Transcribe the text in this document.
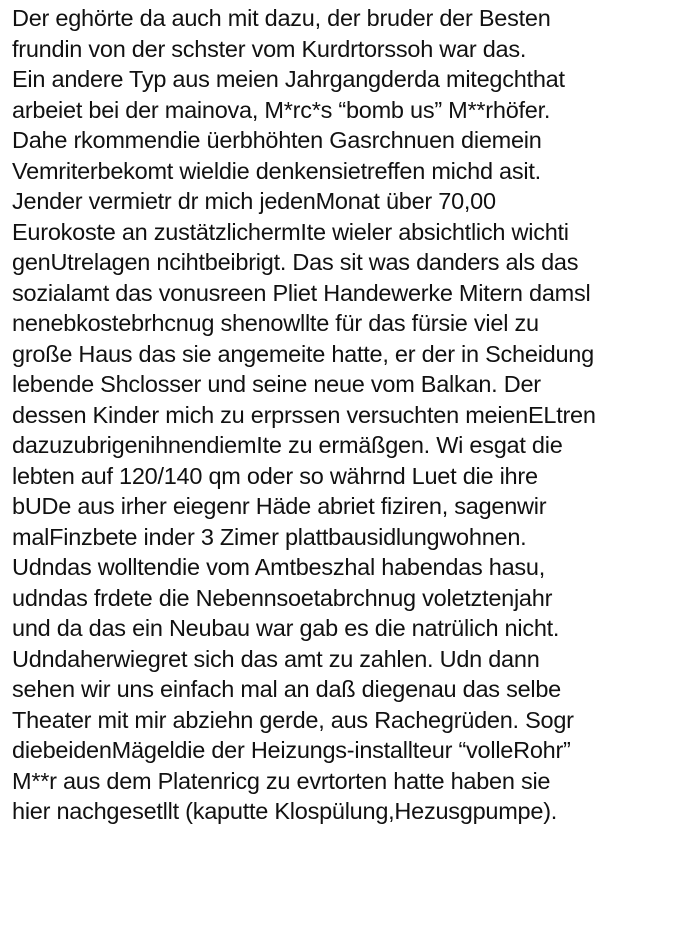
Der eghörte da auch mit dazu, der bruder der Besten
frundin von der schster vom Kurdrtorssoh war das.
Ein andere Typ aus meien Jahrgangderda mitegchthat
arbeiet bei der mainova, M*rc*s “bomb us” M**rhöfer.
Dahe rkommendie üerbhöhten Gasrchnuen diemein
Vemriterbekomt wieldie denkensietreffen michd asit.
Jender vermietr dr mich jedenMonat über 70,00
Eurokoste an zustätzlichermIte wieler absichtlich wichti
genUtrelagen ncihtbeibrigt. Das sit was danders als das
sozialamt das vonusreen Pliet Handewerke Mitern damsl
nenebkostebrhcnug shenowllte für das fürsie viel zu
große Haus das sie angemeite hatte, er der in Scheidung
lebende Shclosser und seine neue vom Balkan. Der
dessen Kinder mich zu erprssen versuchten meienELtren
dazuzubrigenihnendiemIte zu ermäßgen. Wi esgat die
lebten auf 120/140 qm oder so währnd Luet die ihre
bUDe aus irher eiegenr Häde abriet fiziren, sagenwir
malFinzbete inder 3 Zimer plattbausidlungwohnen.
Udndas wolltendie vom Amtbeszhal habendas hasu,
udndas frdete die Nebennsoetabrchnug voletztenjahr
und da das ein Neubau war gab es die natrülich nicht.
Udndaherwiegret sich das amt zu zahlen. Udn dann
sehen wir uns einfach mal an daß diegenau das selbe
Theater mit mir abziehn gerde, aus Rachegrüden. Sogr
diebeidenMägeldie der Heizungs-installteur “volleRohr”
M**r aus dem Platenricg zu evrtorten hatte haben sie
hier nachgesetllt (kaputte Klospülung,Hezusgpumpe).
